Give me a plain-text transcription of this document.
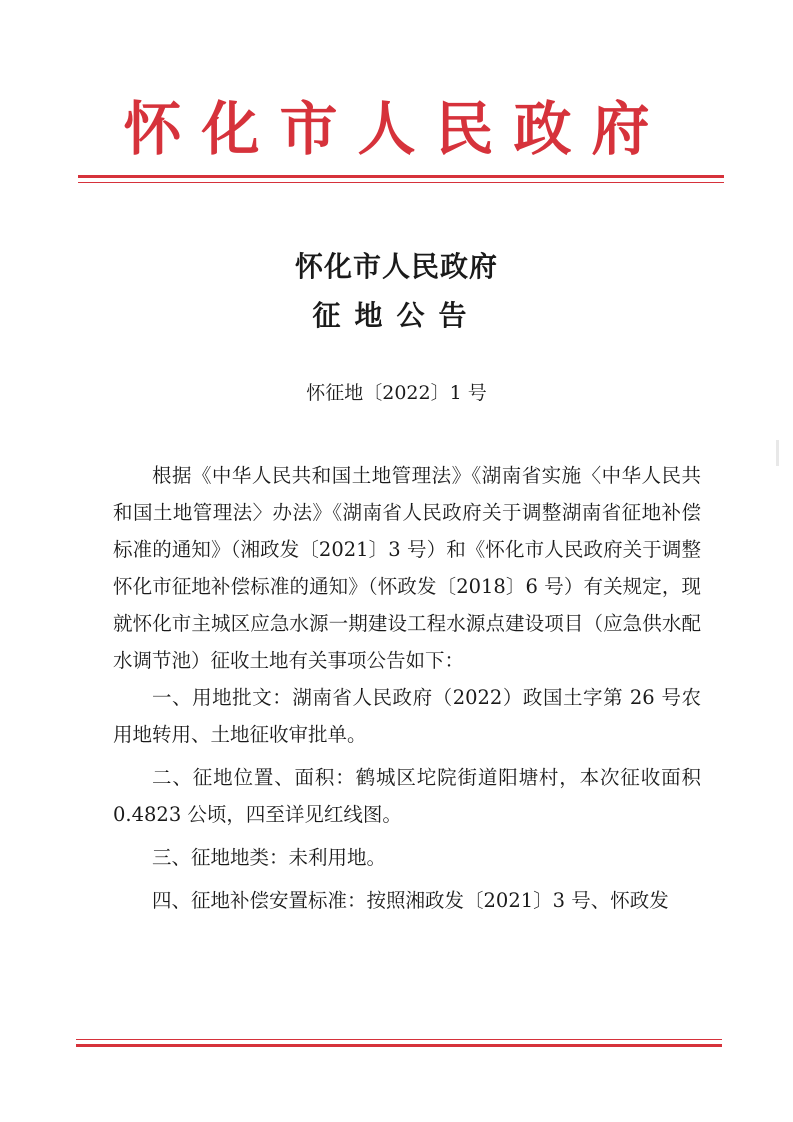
怀化市人民政府
怀化市人民政府
征地公告
怀征地〔2022〕1 号

根据《中华人民共和国土地管理法》《湖南省实施〈中华人民共和国土地管理法〉办法》《湖南省人民政府关于调整湖南省征地补偿标准的通知》（湘政发〔2021〕3 号）和《怀化市人民政府关于调整怀化市征地补偿标准的通知》（怀政发〔2018〕6 号）有关规定，现就怀化市主城区应急水源一期建设工程水源点建设项目（应急供水配水调节池）征收土地有关事项公告如下：

一、用地批文：湖南省人民政府（2022）政国土字第 26 号农用地转用、土地征收审批单。

二、征地位置、面积：鹤城区坨院街道阳塘村，本次征收面积 0.4823 公顷，四至详见红线图。

三、征地地类：未利用地。

四、征地补偿安置标准：按照湘政发〔2021〕3 号、怀政发
